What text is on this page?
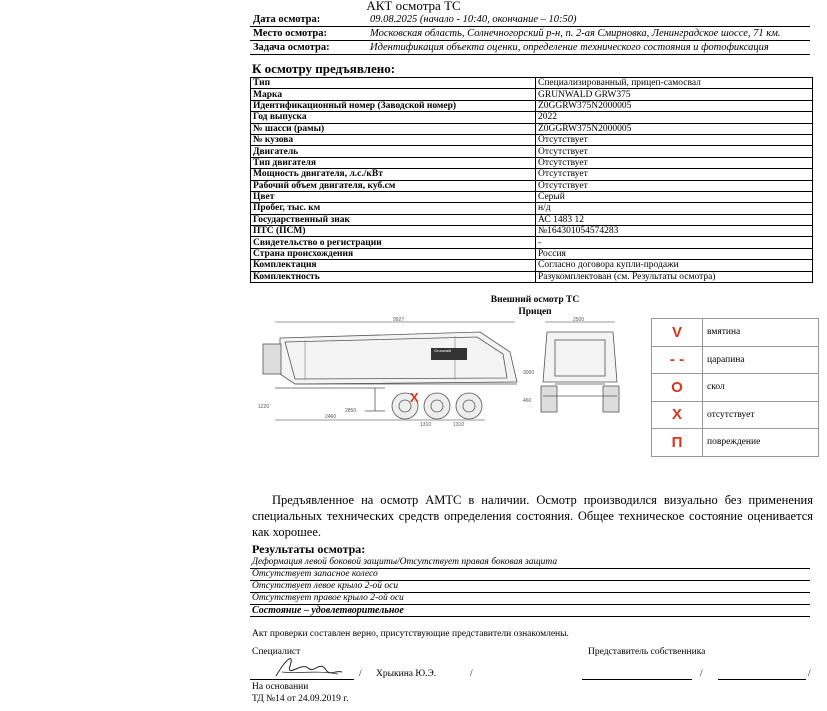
АКТ осмотра ТС
Дата осмотра:	09.08.2025 (начало - 10:40, окончание – 10:50)
Место осмотра:	Московская область, Солнечногорский р-н, п. 2-ая Смирновка, Ленинградское шоссе, 71 км.
Задача осмотра:	Идентификация объекта оценки, определение технического состояния и фотофиксация
К осмотру предъявлено:
Тип	Специализированный, прицеп-самосвал
Марка	GRUNWALD GRW375
Идентификационный номер (Заводской номер)	Z0GGRW375N2000005
Год выпуска	2022
№ шасси (рамы)	Z0GGRW375N2000005
№ кузова	Отсутствует
Двигатель	Отсутствует
Тип двигателя	Отсутствует
Мощность двигателя, л.с./кВт	Отсутствует
Рабочий объем двигателя, куб.см	Отсутствует
Цвет	Серый
Пробег, тыс. км	н/д
Государственный знак	АС 1483 12
ПТС (ПСМ)	№164301054574283
Свидетельство о регистрации	-
Страна происхождения	Россия
Комплектация	Согласно договора купли-продажи
Комплектность	Разукомплектован (см. Результаты осмотра)
Внешний осмотр ТС
Прицеп
9927
Grunwald
2460
2850
1310	1310
1220
3000
460
X
2500
V	вмятина
- -	царапина
O	скол
X	отсутствует
П	повреждение
Предъявленное на осмотр АМТС в наличии. Осмотр производился визуально без применения специальных технических средств определения состояния. Общее техническое состояние оценивается как хорошее.
Результаты осмотра:
Деформация левой боковой защиты/Отсутствует правая боковая защита
Отсутствует запасное колесо
Отсутствует левое крыло 2-ой оси
Отсутствует правое крыло 2-ой оси
Состояние – удовлетворительное
Акт проверки составлен верно, присутствующие представители ознакомлены.
Специалист	Представитель собственника
/ Хрыкина Ю.Э.	/	/	/
На основании
ТД №14 от 24.09.2019 г.
